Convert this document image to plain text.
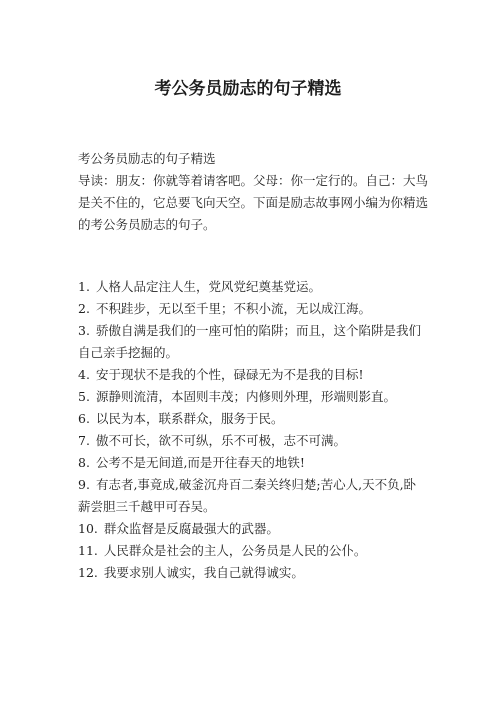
考公务员励志的句子精选

考公务员励志的句子精选

导读：朋友：你就等着请客吧。父母：你一定行的。自己：大鸟是关不住的，它总要飞向天空。下面是励志故事网小编为你精选的考公务员励志的句子。

1. 人格人品定注人生，党风党纪奠基党运。

2. 不积跬步，无以至千里；不积小流，无以成江海。

3. 骄傲自满是我们的一座可怕的陷阱；而且，这个陷阱是我们自己亲手挖掘的。

4. 安于现状不是我的个性，碌碌无为不是我的目标!

5. 源静则流清，本固则丰茂；内修则外理，形端则影直。

6. 以民为本，联系群众，服务于民。

7. 傲不可长，欲不可纵，乐不可极，志不可满。

8. 公考不是无间道,而是开往春天的地铁!

9. 有志者,事竟成,破釜沉舟百二秦关终归楚;苦心人,天不负,卧薪尝胆三千越甲可吞吴。

10. 群众监督是反腐最强大的武器。

11. 人民群众是社会的主人，公务员是人民的公仆。

12. 我要求别人诚实，我自己就得诚实。
